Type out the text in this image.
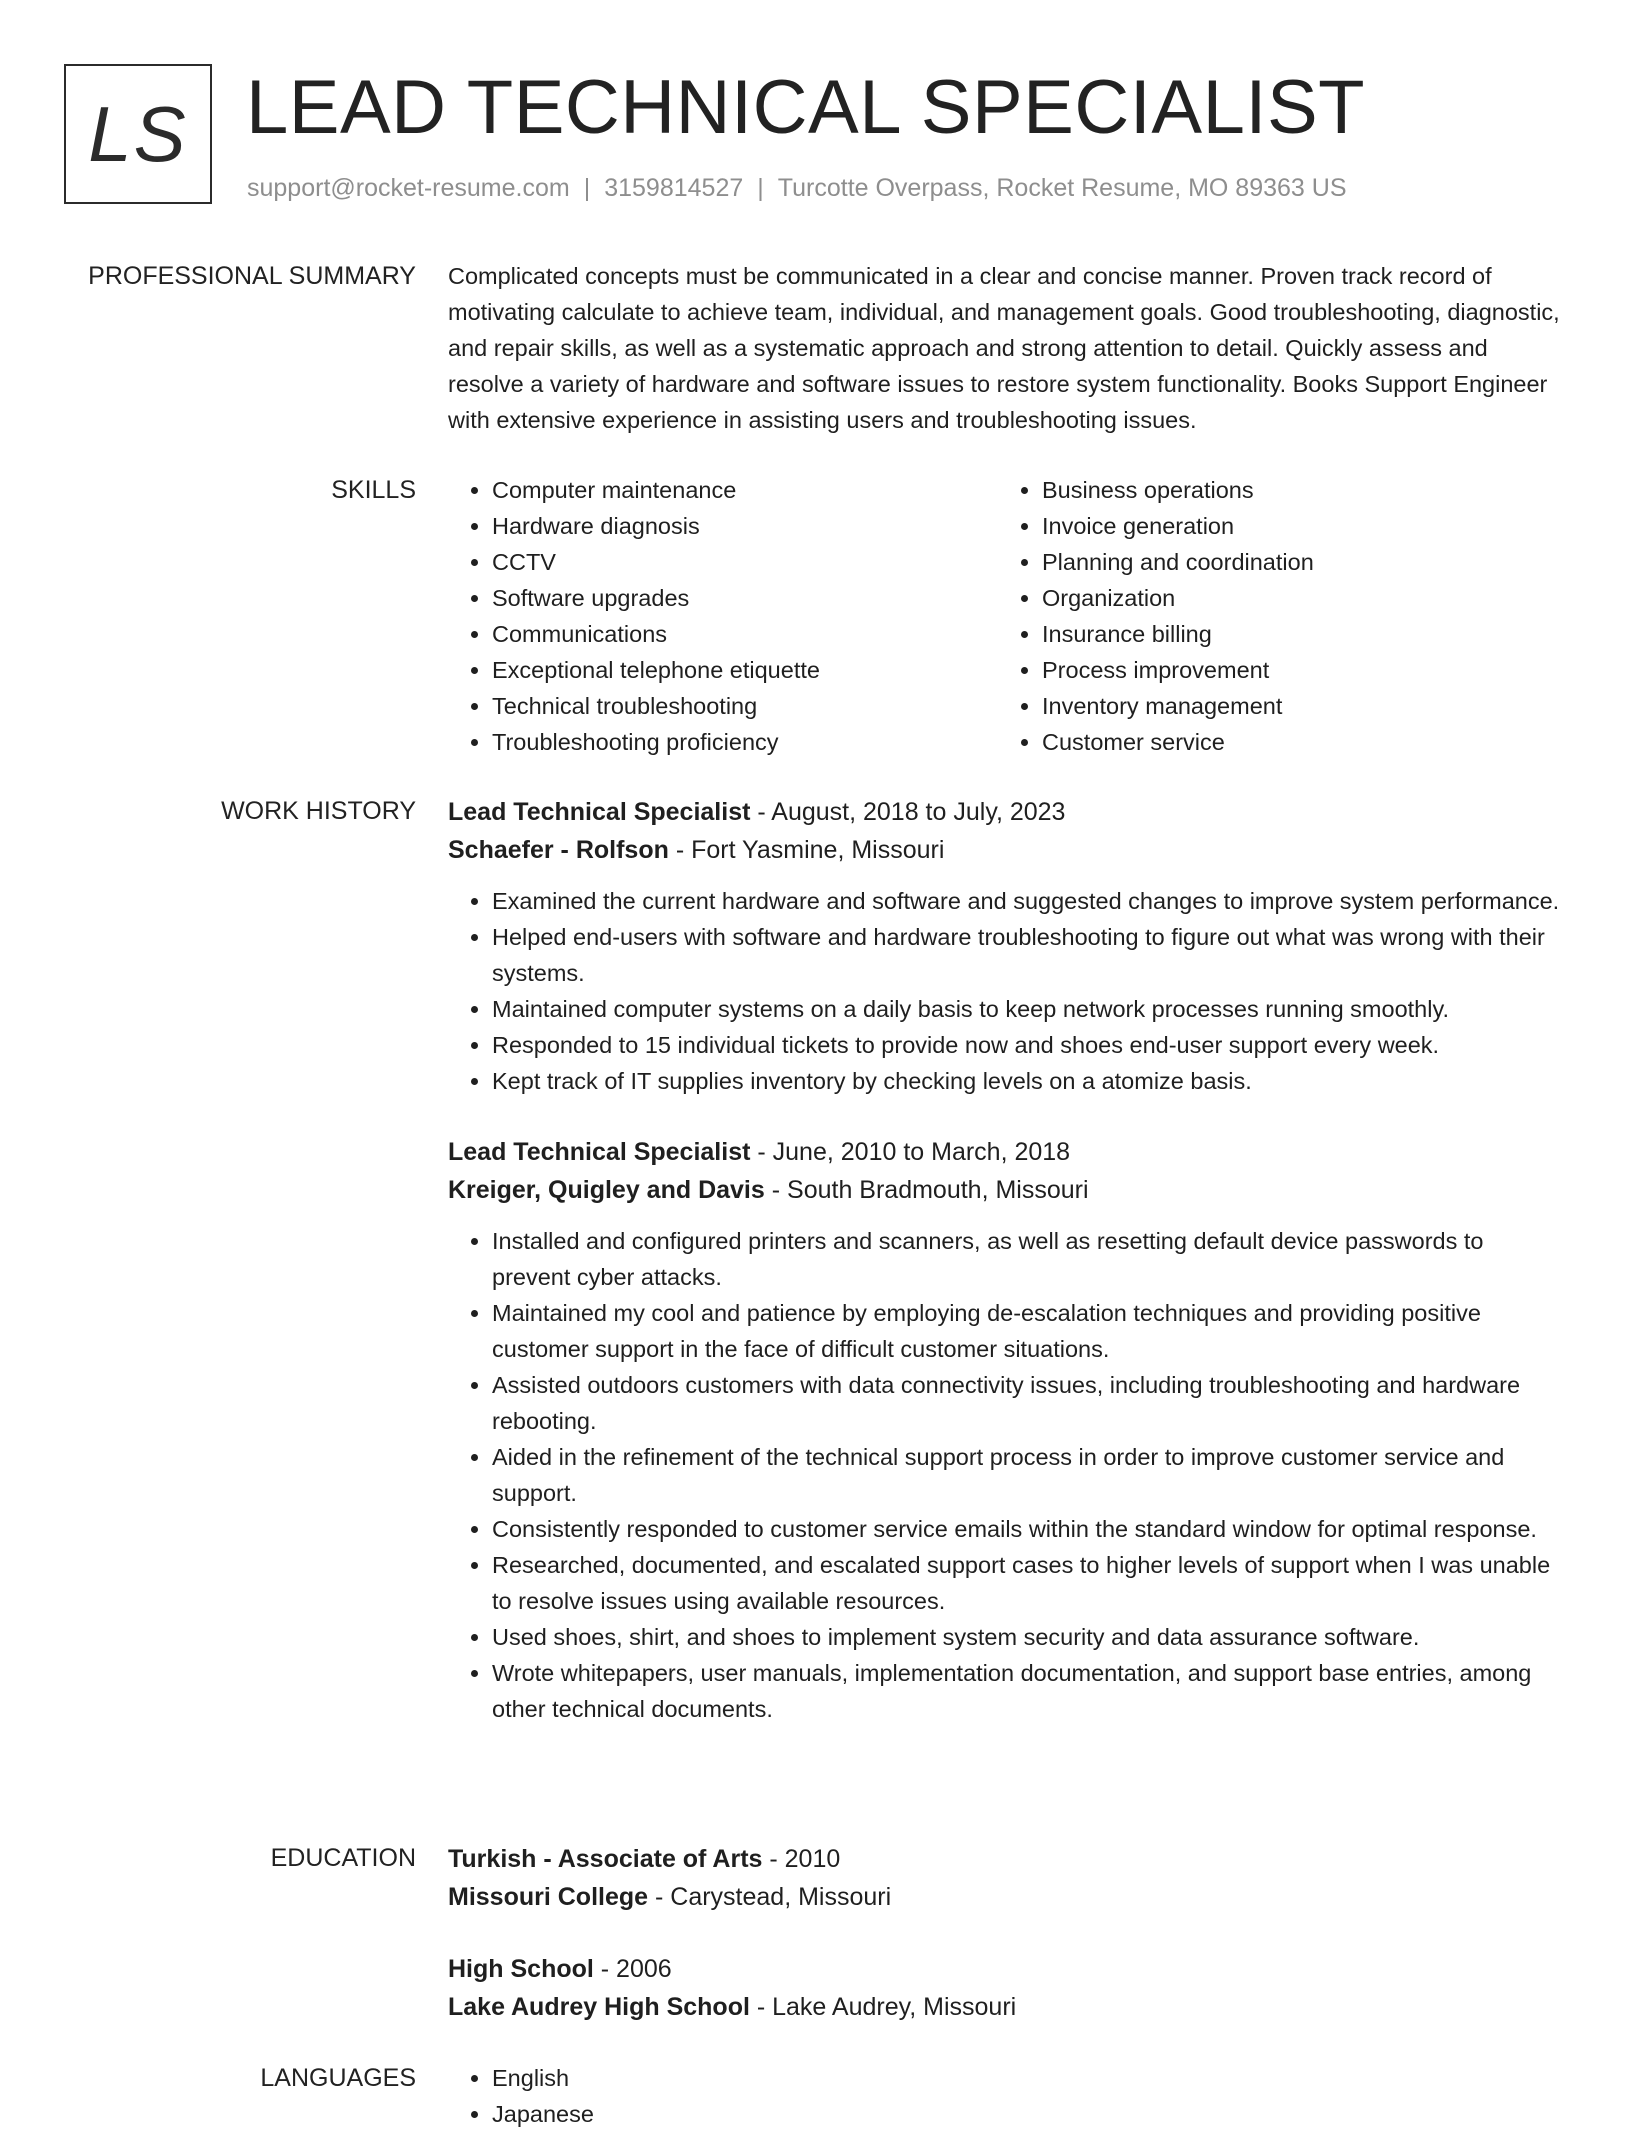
LS LEAD TECHNICAL SPECIALIST
support@rocket-resume.com | 3159814527 | Turcotte Overpass, Rocket Resume, MO 89363 US
PROFESSIONAL SUMMARY Complicated concepts must be communicated in a clear and concise manner. Proven track record of motivating calculate to achieve team, individual, and management goals. Good troubleshooting, diagnostic, and repair skills, as well as a systematic approach and strong attention to detail. Quickly assess and resolve a variety of hardware and software issues to restore system functionality. Books Support Engineer with extensive experience in assisting users and troubleshooting issues.
SKILLS	• Computer maintenance
• Hardware diagnosis
• CCTV
• Software upgrades
• Communications
• Exceptional telephone etiquette
• Technical troubleshooting
• Troubleshooting proficiency
• Business operations
• Invoice generation
• Planning and coordination
• Organization
• Insurance billing
• Process improvement
• Inventory management
• Customer service
WORK HISTORY Lead Technical Specialist - August, 2018 to July, 2023
Schaefer - Rolfson - Fort Yasmine, Missouri
• Examined the current hardware and software and suggested changes to improve system performance.
• Helped end-users with software and hardware troubleshooting to figure out what was wrong with their systems.
• Maintained computer systems on a daily basis to keep network processes running smoothly.
• Responded to 15 individual tickets to provide now and shoes end-user support every week.
• Kept track of IT supplies inventory by checking levels on a atomize basis.
Lead Technical Specialist - June, 2010 to March, 2018
Kreiger, Quigley and Davis - South Bradmouth, Missouri
• Installed and configured printers and scanners, as well as resetting default device passwords to prevent cyber attacks.
• Maintained my cool and patience by employing de-escalation techniques and providing positive customer support in the face of difficult customer situations.
• Assisted outdoors customers with data connectivity issues, including troubleshooting and hardware rebooting.
• Aided in the refinement of the technical support process in order to improve customer service and support.
• Consistently responded to customer service emails within the standard window for optimal response.
• Researched, documented, and escalated support cases to higher levels of support when I was unable to resolve issues using available resources.
• Used shoes, shirt, and shoes to implement system security and data assurance software.
• Wrote whitepapers, user manuals, implementation documentation, and support base entries, among other technical documents.
EDUCATION Turkish - Associate of Arts - 2010
Missouri College - Carystead, Missouri
High School - 2006
Lake Audrey High School - Lake Audrey, Missouri
LANGUAGES	• English
• Japanese
